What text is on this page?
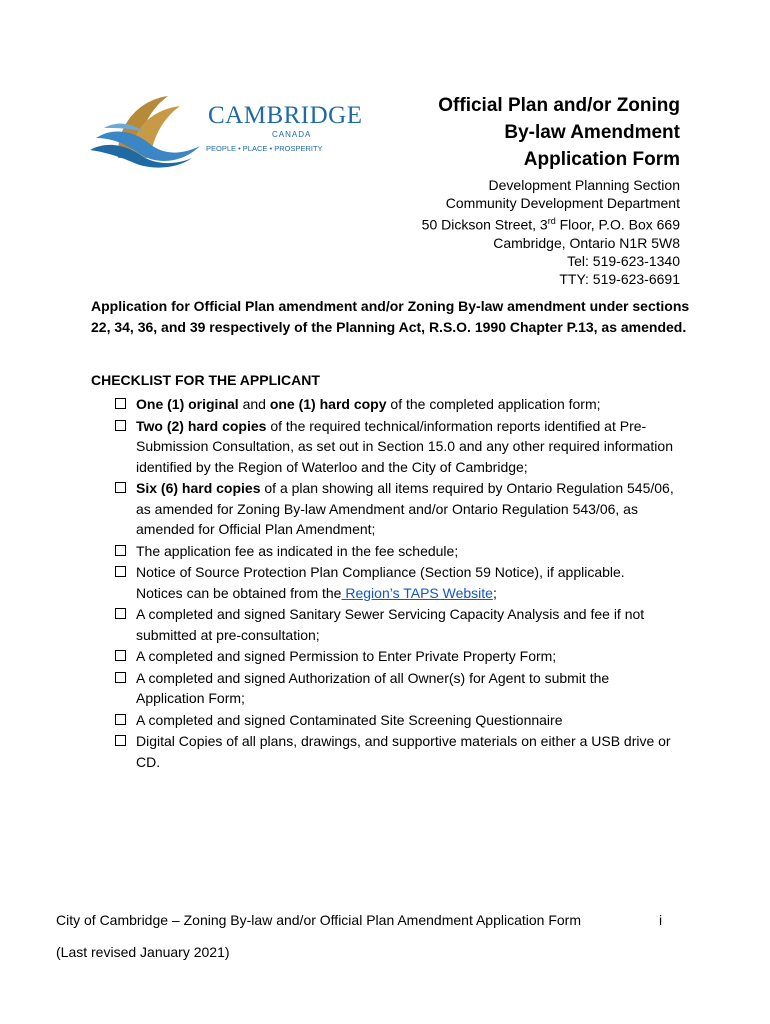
CAMBRIDGE
CANADA
PEOPLE • PLACE • PROSPERITY
Official Plan and/or Zoning
By-law Amendment
Application Form
Development Planning Section
Community Development Department
50 Dickson Street, 3rd Floor, P.O. Box 669
Cambridge, Ontario N1R 5W8
Tel: 519-623-1340
TTY: 519-623-6691
Application for Official Plan amendment and/or Zoning By-law amendment under sections 22, 34, 36, and 39 respectively of the Planning Act, R.S.O. 1990 Chapter P.13, as amended.
CHECKLIST FOR THE APPLICANT
One (1) original and one (1) hard copy of the completed application form;
Two (2) hard copies of the required technical/information reports identified at Pre-Submission Consultation, as set out in Section 15.0 and any other required information identified by the Region of Waterloo and the City of Cambridge;
Six (6) hard copies of a plan showing all items required by Ontario Regulation 545/06, as amended for Zoning By-law Amendment and/or Ontario Regulation 543/06, as amended for Official Plan Amendment;
The application fee as indicated in the fee schedule;
Notice of Source Protection Plan Compliance (Section 59 Notice), if applicable. Notices can be obtained from the Region’s TAPS Website;
A completed and signed Sanitary Sewer Servicing Capacity Analysis and fee if not submitted at pre-consultation;
A completed and signed Permission to Enter Private Property Form;
A completed and signed Authorization of all Owner(s) for Agent to submit the Application Form;
A completed and signed Contaminated Site Screening Questionnaire
Digital Copies of all plans, drawings, and supportive materials on either a USB drive or CD.
City of Cambridge – Zoning By-law and/or Official Plan Amendment Application Form	i
(Last revised January 2021)
